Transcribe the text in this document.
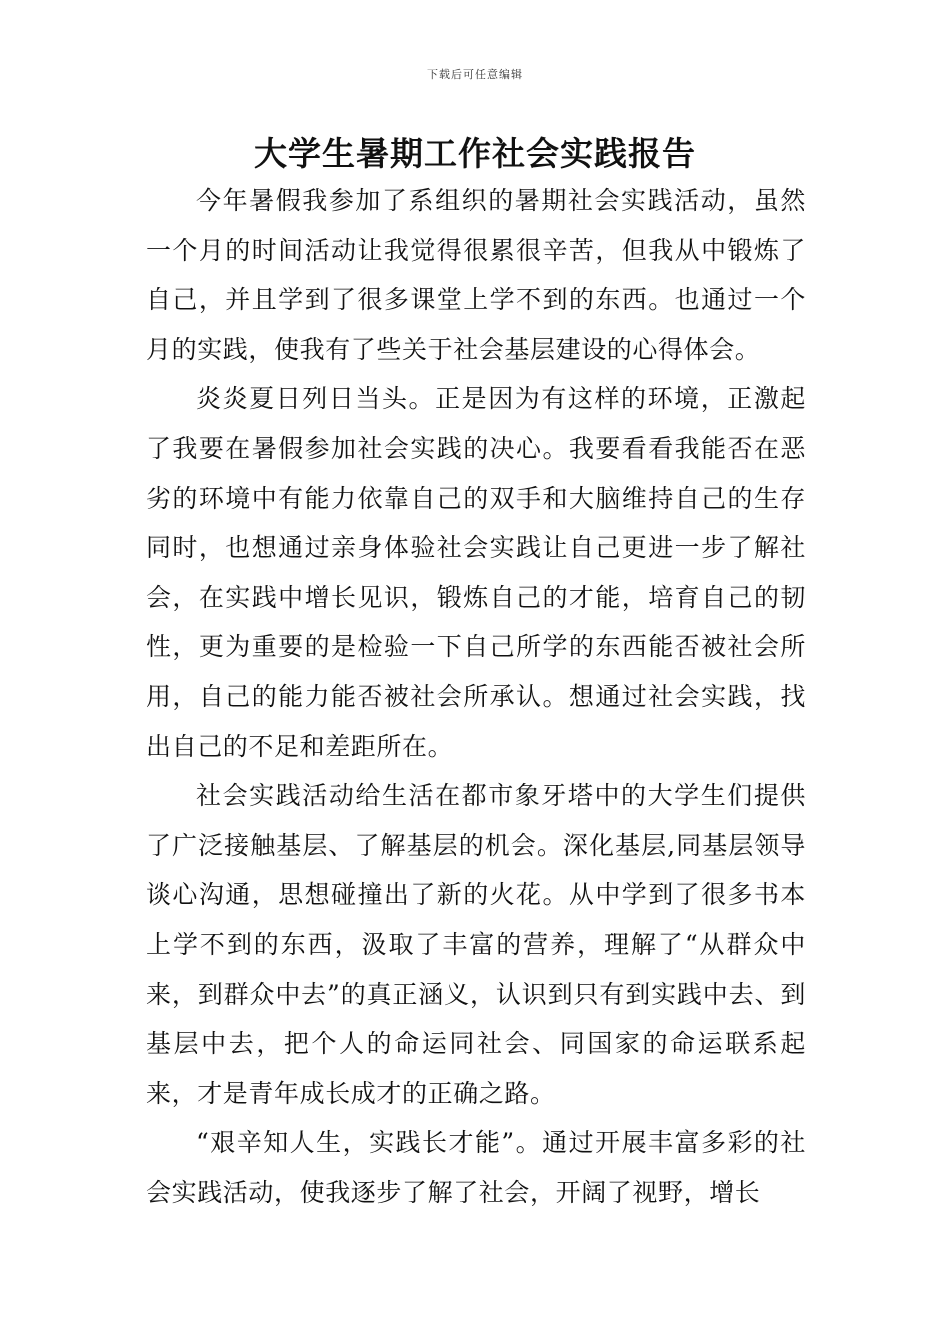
下载后可任意编辑
大学生暑期工作社会实践报告

今年暑假我参加了系组织的暑期社会实践活动，虽然一个月的时间活动让我觉得很累很辛苦，但我从中锻炼了自己，并且学到了很多课堂上学不到的东西。也通过一个月的实践，使我有了些关于社会基层建设的心得体会。

炎炎夏日列日当头。正是因为有这样的环境，正激起了我要在暑假参加社会实践的决心。我要看看我能否在恶劣的环境中有能力依靠自己的双手和大脑维持自己的生存同时，也想通过亲身体验社会实践让自己更进一步了解社会，在实践中增长见识，锻炼自己的才能，培育自己的韧性，更为重要的是检验一下自己所学的东西能否被社会所用，自己的能力能否被社会所承认。想通过社会实践，找出自己的不足和差距所在。

社会实践活动给生活在都市象牙塔中的大学生们提供了广泛接触基层、了解基层的机会。深化基层,同基层领导谈心沟通，思想碰撞出了新的火花。从中学到了很多书本上学不到的东西，汲取了丰富的营养，理解了“从群众中来，到群众中去”的真正涵义，认识到只有到实践中去、到基层中去，把个人的命运同社会、同国家的命运联系起来，才是青年成长成才的正确之路。

“艰辛知人生，实践长才能”。通过开展丰富多彩的社会实践活动，使我逐步了解了社会，开阔了视野，增长
